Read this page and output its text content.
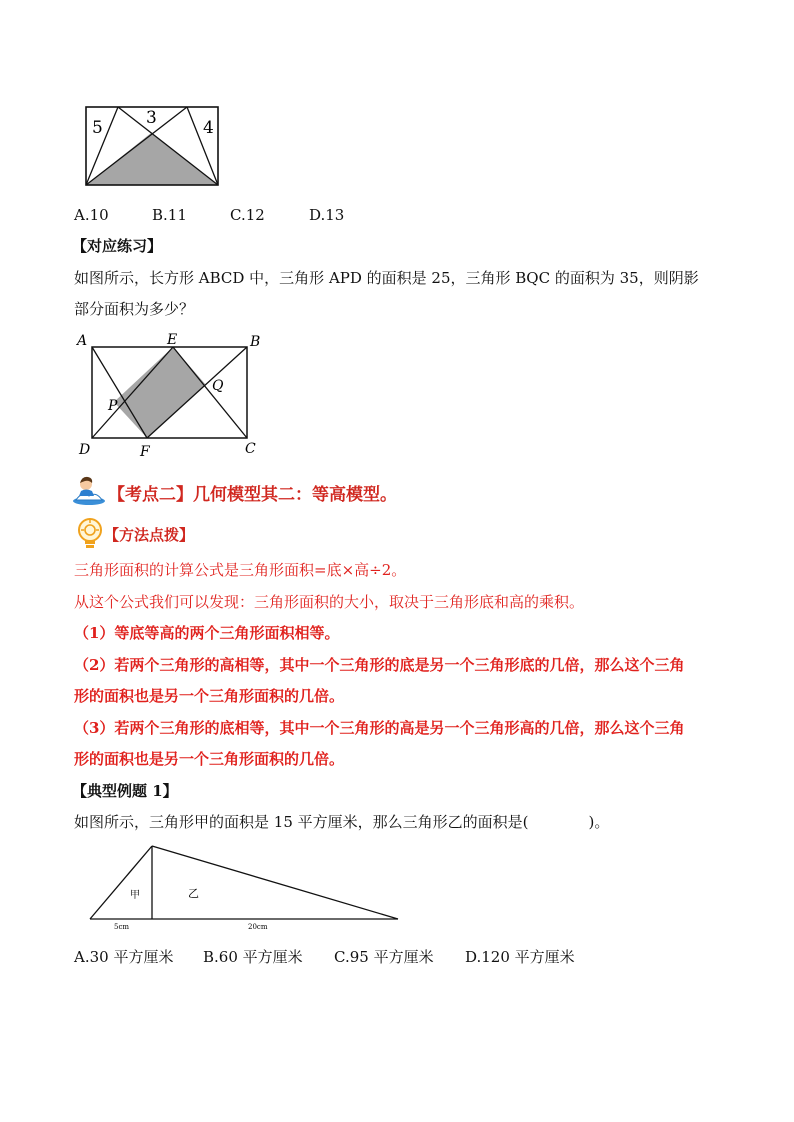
5	3	4
A.10	B.11	C.12	D.13
【对应练习】
如图所示，长方形 ABCD 中，三角形 APD 的面积是 25，三角形 BQC 的面积为 35，则阴影
部分面积为多少？
A	E	B
Q
P
D	F	C
【考点二】几何模型其二：等高模型。
【方法点拨】
三角形面积的计算公式是三角形面积=底×高÷2。
从这个公式我们可以发现：三角形面积的大小，取决于三角形底和高的乘积。
（1）等底等高的两个三角形面积相等。
（2）若两个三角形的高相等，其中一个三角形的底是另一个三角形底的几倍，那么这个三角
形的面积也是另一个三角形面积的几倍。
（3）若两个三角形的底相等，其中一个三角形的高是另一个三角形高的几倍，那么这个三角
形的面积也是另一个三角形面积的几倍。
【典型例题 1】
如图所示，三角形甲的面积是 15 平方厘米，那么三角形乙的面积是(　　　　)。
甲	乙
5cm	20cm
A.30 平方厘米 B.60 平方厘米 C.95 平方厘米 D.120 平方厘米
